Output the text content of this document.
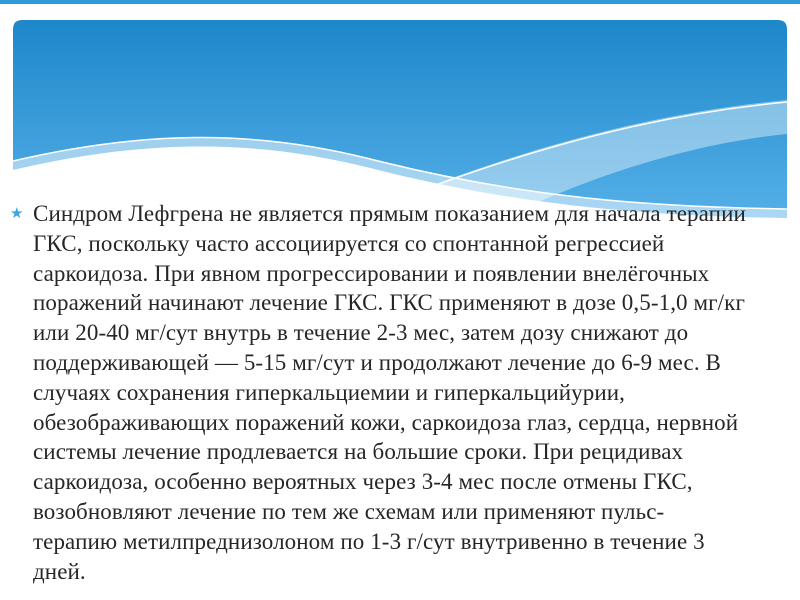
★ Синдром Лефгрена не является прямым показанием для начала терапии
ГКС, поскольку часто ассоциируется со спонтанной регрессией
саркоидоза. При явном прогрессировании и появлении внелёгочных
поражений начинают лечение ГКС. ГКС применяют в дозе 0,5-1,0 мг/кг
или 20-40 мг/сут внутрь в течение 2-3 мес, затем дозу снижают до
поддерживающей — 5-15 мг/сут и продолжают лечение до 6-9 мес. В
случаях сохранения гиперкальциемии и гиперкальцийурии,
обезображивающих поражений кожи, саркоидоза глаз, сердца, нервной
системы лечение продлевается на большие сроки. При рецидивах
саркоидоза, особенно вероятных через 3-4 мес после отмены ГКС,
возобновляют лечение по тем же схемам или применяют пульс-
терапию метилпреднизолоном по 1-3 г/сут внутривенно в течение 3
дней.
